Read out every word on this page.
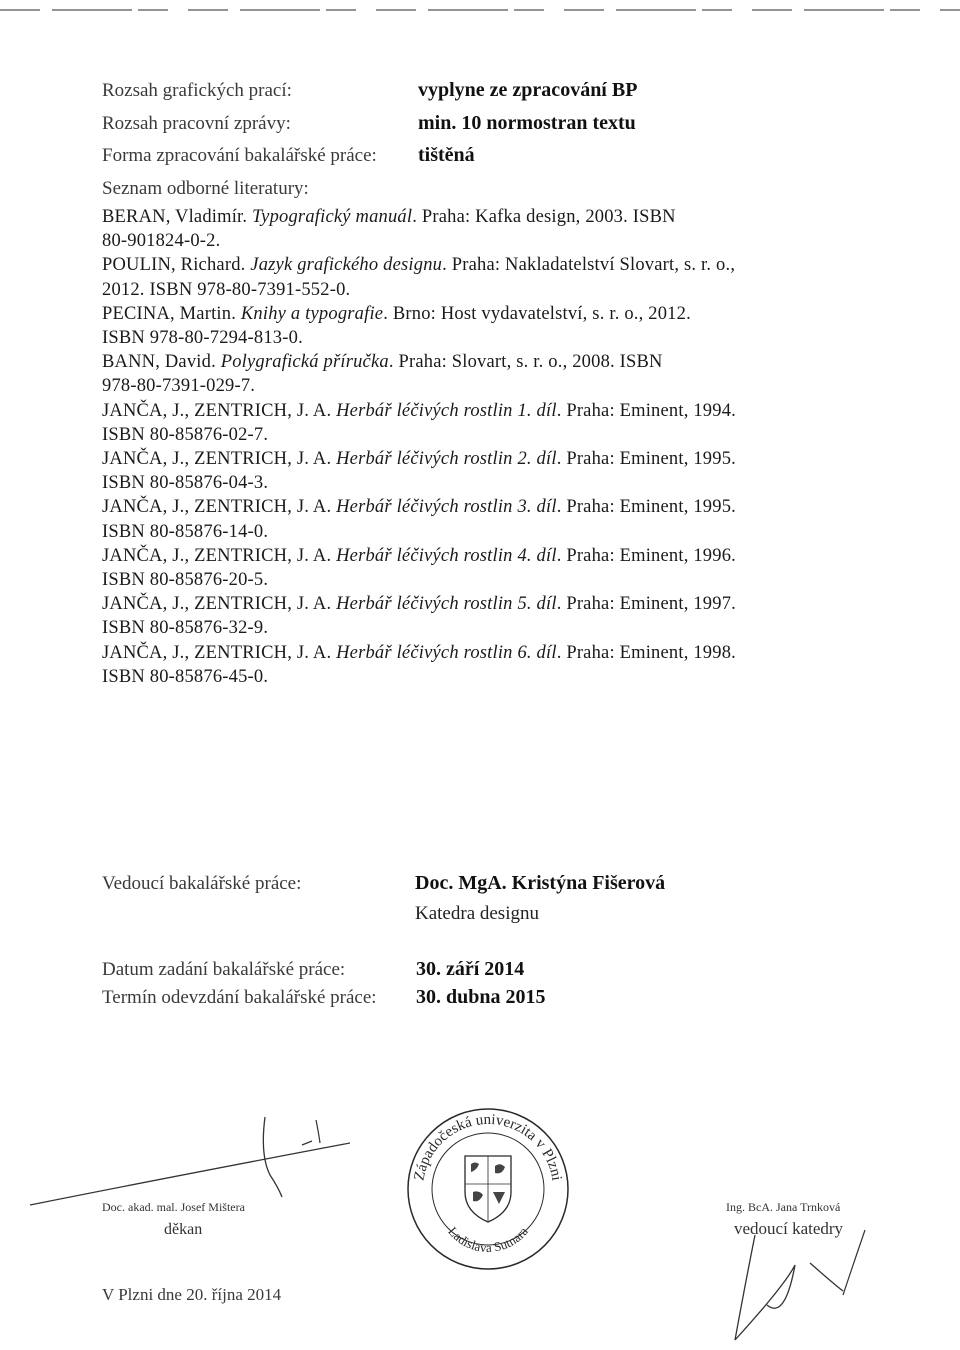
Rozsah grafických prací:	vyplyne ze zpracování BP
Rozsah pracovní zprávy:	min. 10 normostran textu
Forma zpracování bakalářské práce: tištěná
Seznam odborné literatury:
BERAN, Vladimír. Typografický manuál. Praha: Kafka design, 2003. ISBN
80-901824-0-2.
POULIN, Richard. Jazyk grafického designu. Praha: Nakladatelství Slovart, s. r. o.,
2012. ISBN 978-80-7391-552-0.
PECINA, Martin. Knihy a typografie. Brno: Host vydavatelství, s. r. o., 2012.
ISBN 978-80-7294-813-0.
BANN, David. Polygrafická příručka. Praha: Slovart, s. r. o., 2008. ISBN
978-80-7391-029-7.
JANČA, J., ZENTRICH, J. A. Herbář léčivých rostlin 1. díl. Praha: Eminent, 1994.
ISBN 80-85876-02-7.
JANČA, J., ZENTRICH, J. A. Herbář léčivých rostlin 2. díl. Praha: Eminent, 1995.
ISBN 80-85876-04-3.
JANČA, J., ZENTRICH, J. A. Herbář léčivých rostlin 3. díl. Praha: Eminent, 1995.
ISBN 80-85876-14-0.
JANČA, J., ZENTRICH, J. A. Herbář léčivých rostlin 4. díl. Praha: Eminent, 1996.
ISBN 80-85876-20-5.
JANČA, J., ZENTRICH, J. A. Herbář léčivých rostlin 5. díl. Praha: Eminent, 1997.
ISBN 80-85876-32-9.
JANČA, J., ZENTRICH, J. A. Herbář léčivých rostlin 6. díl. Praha: Eminent, 1998.
ISBN 80-85876-45-0.
Vedoucí bakalářské práce:	Doc. MgA. Kristýna Fišerová
Katedra designu
Datum zadání bakalářské práce:	30. září 2014
Termín odevzdání bakalářské práce: 30. dubna 2015
Doc. akad. mal. Josef Mištera
děkan
Západočeská univerzita v Plzni
Ladislava Sutnara
Ing. BcA. Jana Trnková
vedoucí katedry
V Plzni dne 20. října 2014
